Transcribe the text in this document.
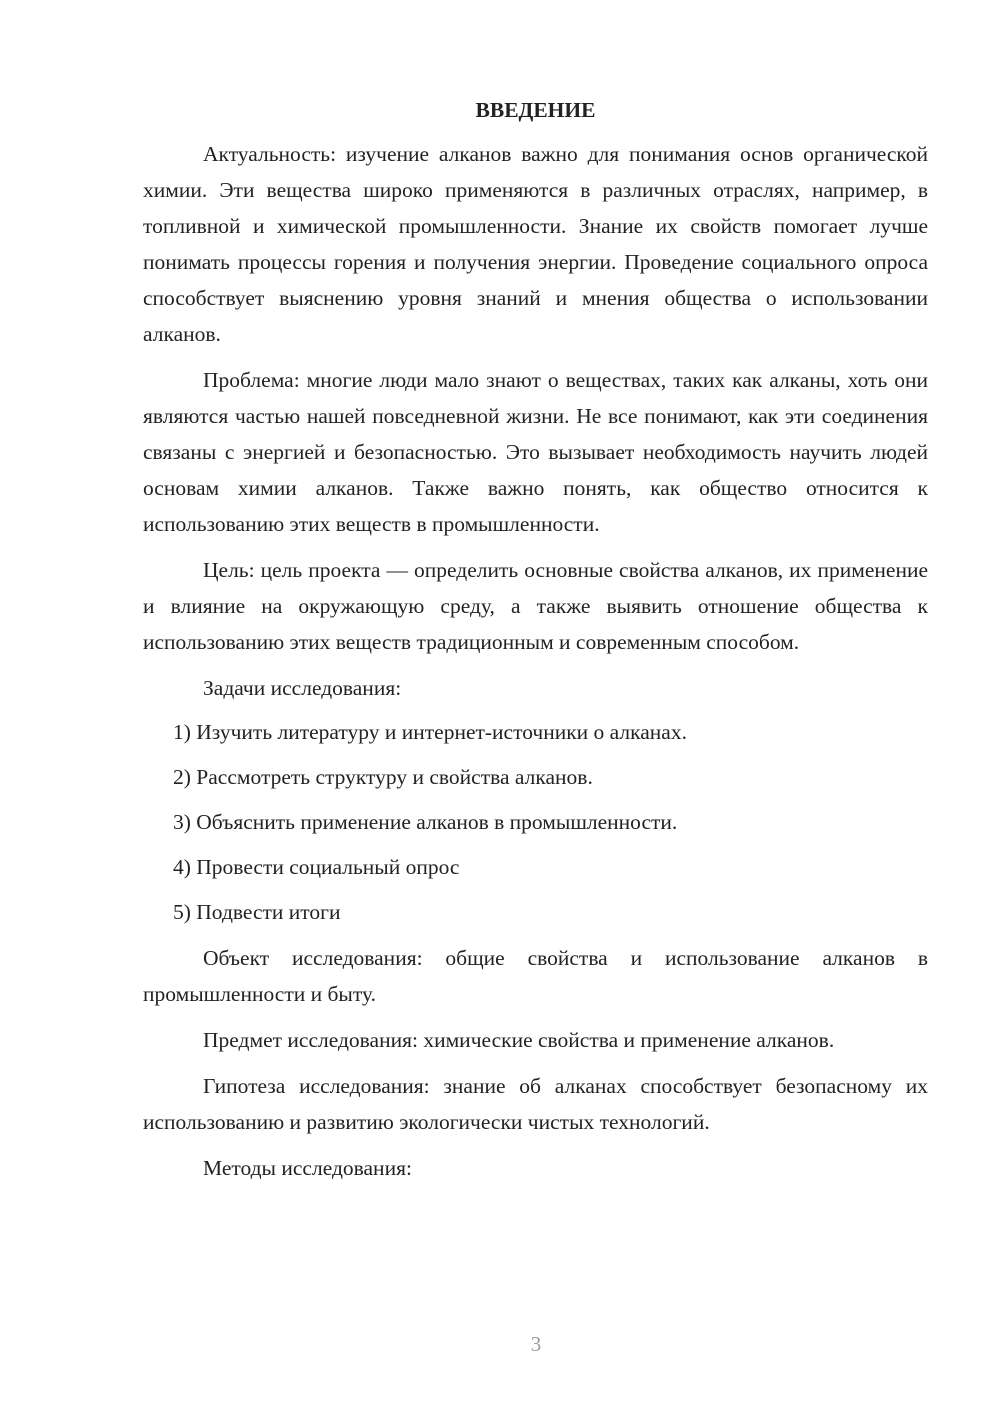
ВВЕДЕНИЕ

Актуальность: изучение алканов важно для понимания основ органической химии. Эти вещества широко применяются в различных отраслях, например, в топливной и химической промышленности. Знание их свойств помогает лучше понимать процессы горения и получения энергии. Проведение социального опроса способствует выяснению уровня знаний и мнения общества о использовании алканов.

Проблема: многие люди мало знают о веществах, таких как алканы, хоть они являются частью нашей повседневной жизни. Не все понимают, как эти соединения связаны с энергией и безопасностью. Это вызывает необходимость научить людей основам химии алканов. Также важно понять, как общество относится к использованию этих веществ в промышленности.

Цель: цель проекта — определить основные свойства алканов, их применение и влияние на окружающую среду, а также выявить отношение общества к использованию этих веществ традиционным и современным способом.

Задачи исследования:
1) Изучить литературу и интернет-источники о алканах.
2) Рассмотреть структуру и свойства алканов.
3) Объяснить применение алканов в промышленности.
4) Провести социальный опрос
5) Подвести итоги

Объект исследования: общие свойства и использование алканов в промышленности и быту.

Предмет исследования: химические свойства и применение алканов.

Гипотеза исследования: знание об алканах способствует безопасному их использованию и развитию экологически чистых технологий.

Методы исследования:

3
